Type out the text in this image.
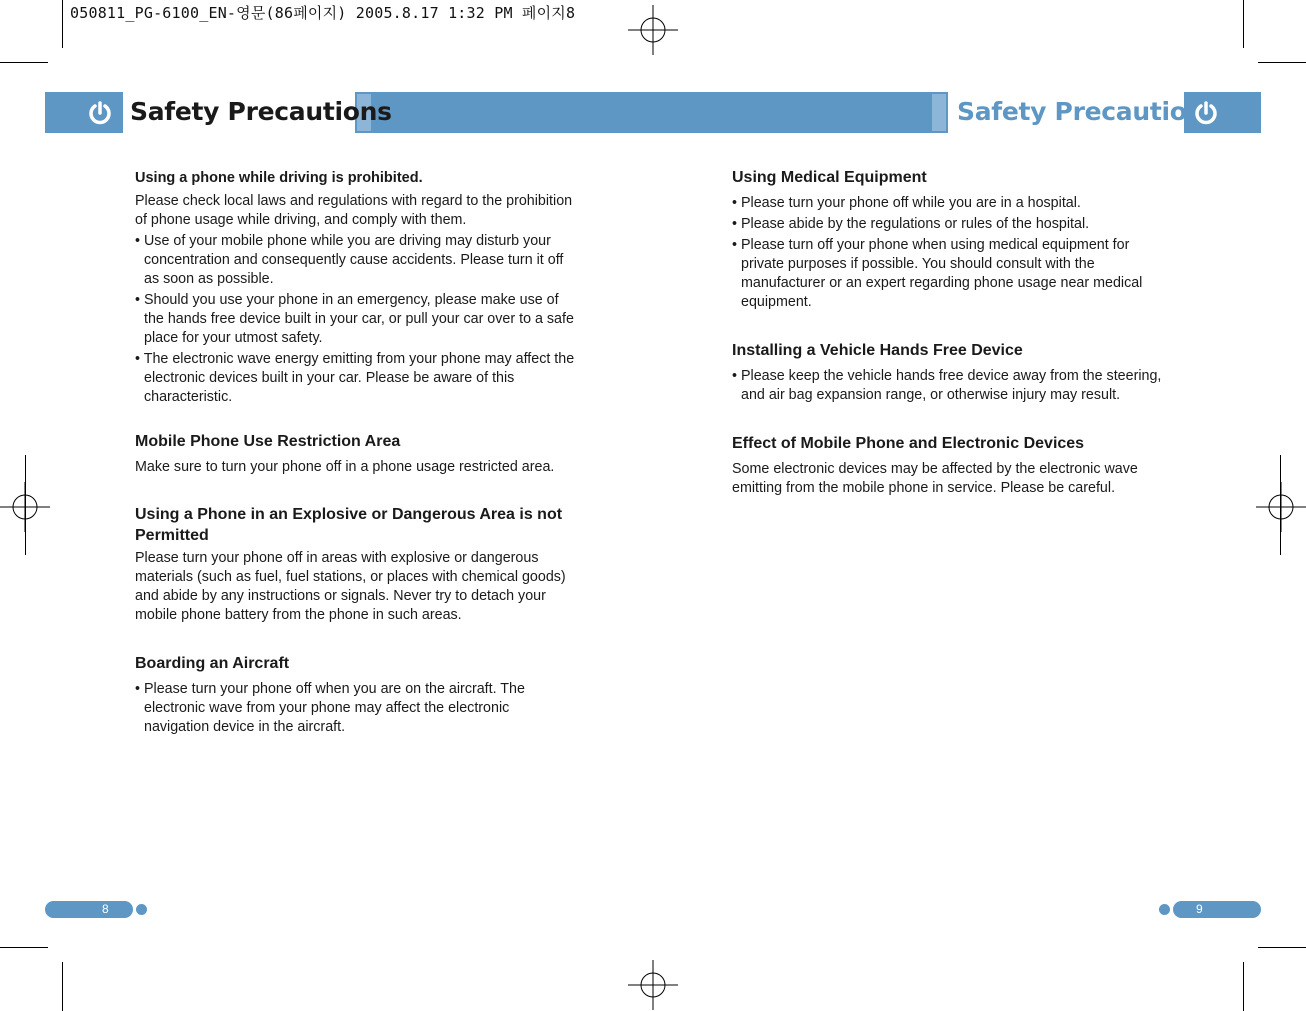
050811_PG-6100_EN-영문(86페이지) 2005.8.17 1:32 PM 페이지8
Safety Precautions	Safety Precautions
Using a phone while driving is prohibited.

Please check local laws and regulations with regard to the prohibition of phone usage while driving, and comply with them.

• Use of your mobile phone while you are driving may disturb your concentration and consequently cause accidents. Please turn it off as soon as possible.
• Should you use your phone in an emergency, please make use of the hands free device built in your car, or pull your car over to a safe place for your utmost safety.
• The electronic wave energy emitting from your phone may affect the electronic devices built in your car. Please be aware of this characteristic.
Mobile Phone Use Restriction Area

Make sure to turn your phone off in a phone usage restricted area.

Using a Phone in an Explosive or Dangerous Area is not Permitted

Please turn your phone off in areas with explosive or dangerous materials (such as fuel, fuel stations, or places with chemical goods) and abide by any instructions or signals. Never try to detach your mobile phone battery from the phone in such areas.

Boarding an Aircraft
• Please turn your phone off when you are on the aircraft. The electronic wave from your phone may affect the electronic navigation device in the aircraft.
Using Medical Equipment
• Please turn your phone off while you are in a hospital.
• Please abide by the regulations or rules of the hospital.
• Please turn off your phone when using medical equipment for private purposes if possible. You should consult with the manufacturer or an expert regarding phone usage near medical equipment.
Installing a Vehicle Hands Free Device
• Please keep the vehicle hands free device away from the steering, and air bag expansion range, or otherwise injury may result.
Effect of Mobile Phone and Electronic Devices

Some electronic devices may be affected by the electronic wave emitting from the mobile phone in service. Please be careful.

8	9
